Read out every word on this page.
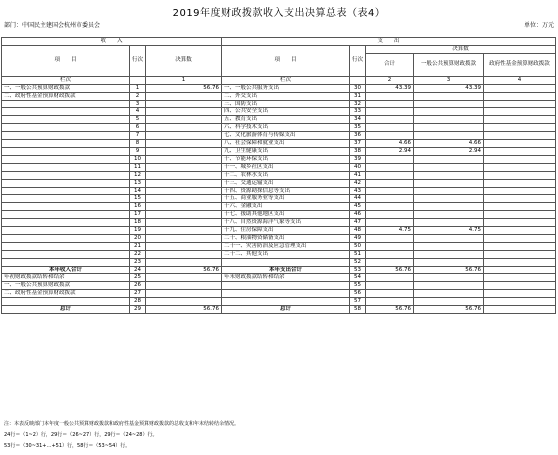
2019年度财政拨款收入支出决算总表（表4）
部门：中国民主建国会杭州市委员会	单位：万元
收　　入			支　　出				
项　　目	行次	决算数	项　　目	行次	决算数		
					合计	一般公共预算财政拨款	政府性基金预算财政拨款
栏次		1	栏次		2	3	4
一、一般公共预算财政拨款	1	56.76	一、一般公共服务支出	30	43.39	43.39	
二、政府性基金预算财政拨款	2		二、外交支出	31			
	3		三、国防支出	32			
	4		四、公共安全支出	33			
	5		五、教育支出	34			
	6		六、科学技术支出	35			
	7		七、文化旅游体育与传媒支出	36			
	8		八、社会保障和就业支出	37	4.66	4.66	
	9		九、卫生健康支出	38	2.94	2.94	
	10		十、节能环保支出	39			
	11		十一、城乡社区支出	40			
	12		十二、农林水支出	41			
	13		十三、交通运输支出	42			
	14		十四、资源勘探信息等支出	43			
	15		十五、商业服务业等支出	44			
	16		十六、金融支出	45			
	17		十七、援助其他地区支出	46			
	18		十八、自然资源海洋气象等支出	47			
	19		十九、住房保障支出	48	4.75	4.75	
	20		二十、粮油物资储备支出	49			
	21		二十一、灾害防治及应急管理支出	50			
	22		二十二、其他支出	51			
	23			52			
本年收入合计	24	56.76	本年支出合计	53	56.76	56.76	
年初财政拨款结转和结余	25		年末财政拨款结转和结余	54			
一、一般公共预算财政拨款	26			55			
二、政府性基金预算财政拨款	27			56			
	28			57			
总计	29	56.76	总计	58	56.76	56.76	
注：本表反映部门本年度一般公共预算财政拨款和政府性基金预算财政拨款的总收支和年末结转结余情况。
24行＝（1~2）行，29行＝（26~27）行，29行＝（24~28）行。
53行＝（30~31+…+51）行，58行＝（53~54）行。
